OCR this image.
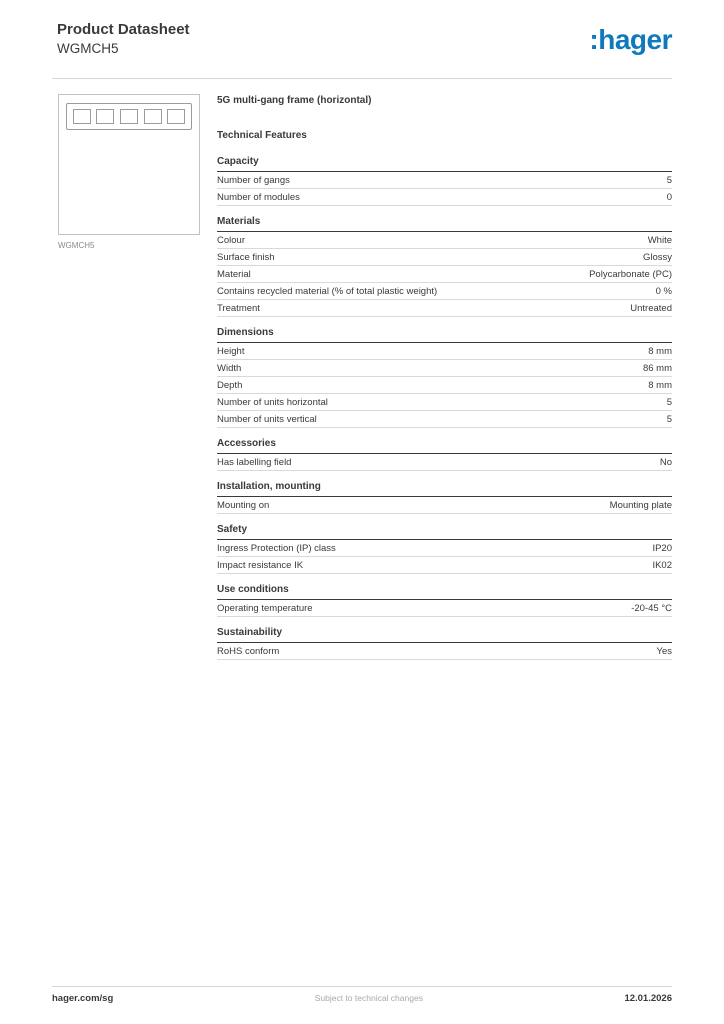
Product Datasheet
WGMCH5	:hager
WGMCH5
5G multi-gang frame (horizontal)
Technical Features
Capacity
Number of gangs	5
Number of modules	0
Materials
Colour	White
Surface finish	Glossy
Material	Polycarbonate (PC)
Contains recycled material (% of total plastic weight)	0 %
Treatment	Untreated
Dimensions
Height	8 mm
Width	86 mm
Depth	8 mm
Number of units horizontal	5
Number of units vertical	5
Accessories
Has labelling field	No
Installation, mounting
Mounting on	Mounting plate
Safety
Ingress Protection (IP) class	IP20
Impact resistance IK	IK02
Use conditions
Operating temperature	-20-45 °C
Sustainability
RoHS conform	Yes
hager.com/sg	Subject to technical changes	12.01.2026
